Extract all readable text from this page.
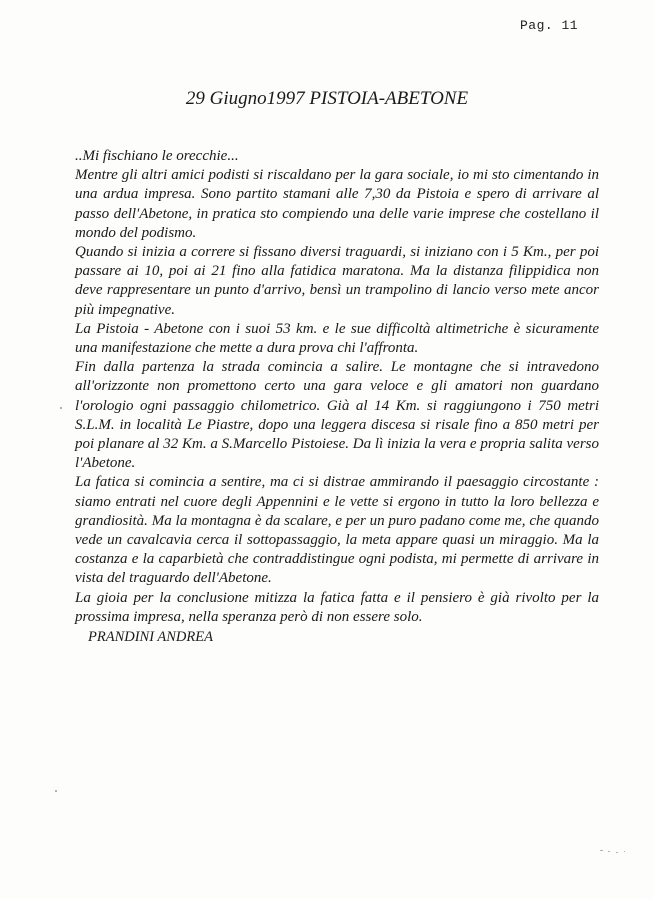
Pag. 11
29 Giugno1997 PISTOIA-ABETONE

..Mi fischiano le orecchie...

Mentre gli altri amici podisti si riscaldano per la gara sociale, io mi sto cimentando in una ardua impresa. Sono partito stamani alle 7,30 da Pistoia e spero di arrivare al passo dell'Abetone, in pratica sto compiendo una delle varie imprese che costellano il mondo del podismo.

Quando si inizia a correre si fissano diversi traguardi, si iniziano con i 5 Km., per poi passare ai 10, poi ai 21 fino alla fatidica maratona. Ma la distanza filippidica non deve rappresentare un punto d'arrivo, bensì un trampolino di lancio verso mete ancor più impegnative.

La Pistoia - Abetone con i suoi 53 km. e le sue difficoltà altimetriche è sicuramente una manifestazione che mette a dura prova chi l'affronta.

Fin dalla partenza la strada comincia a salire. Le montagne che si intravedono all'orizzonte non promettono certo una gara veloce e gli amatori non guardano l'orologio ogni passaggio chilometrico. Già al 14 Km. si raggiungono i 750 metri S.L.M. in località Le Piastre, dopo una leggera discesa si risale fino a 850 metri per poi planare al 32 Km. a S.Marcello Pistoiese. Da lì inizia la vera e propria salita verso l'Abetone.

La fatica si comincia a sentire, ma ci si distrae ammirando il paesaggio circostante : siamo entrati nel cuore degli Appennini e le vette si ergono in tutto la loro bellezza e grandiosità. Ma la montagna è da scalare, e per un puro padano come me, che quando vede un cavalcavia cerca il sottopassaggio, la meta appare quasi un miraggio. Ma la costanza e la caparbietà che contraddistingue ogni podista, mi permette di arrivare in vista del traguardo dell'Abetone.

La gioia per la conclusione mitizza la fatica fatta e il pensiero è già rivolto per la prossima impresa, nella speranza però di non essere solo.

PRANDINI ANDREA
